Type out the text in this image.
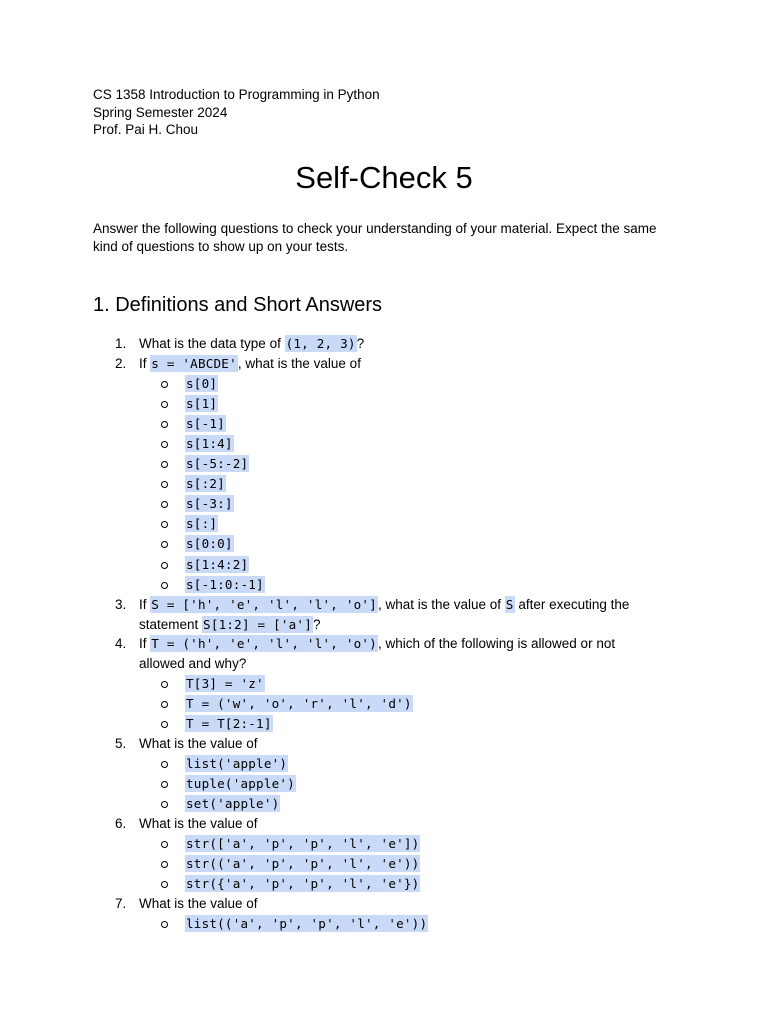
CS 1358 Introduction to Programming in Python
Spring Semester 2024
Prof. Pai H. Chou
Self-Check 5

Answer the following questions to check your understanding of your material. Expect the same kind of questions to show up on your tests.

1. Definitions and Short Answers
1. What is the data type of (1, 2, 3)?
2. If s = 'ABCDE', what is the value of
s[0]
s[1]
s[-1]
s[1:4]
s[-5:-2]
s[:2]
s[-3:]
s[:]
s[0:0]
s[1:4:2]
s[-1:0:-1]
3. If S = ['h', 'e', 'l', 'l', 'o'], what is the value of S after executing the
statement S[1:2] = ['a']?
4. If T = ('h', 'e', 'l', 'l', 'o'), which of the following is allowed or not
allowed and why?
T[3] = 'z'
T = ('w', 'o', 'r', 'l', 'd')
T = T[2:-1]
5. What is the value of
list('apple')
tuple('apple')
set('apple')
6. What is the value of
str(['a', 'p', 'p', 'l', 'e'])
str(('a', 'p', 'p', 'l', 'e'))
str({'a', 'p', 'p', 'l', 'e'})
7. What is the value of
list(('a', 'p', 'p', 'l', 'e'))
